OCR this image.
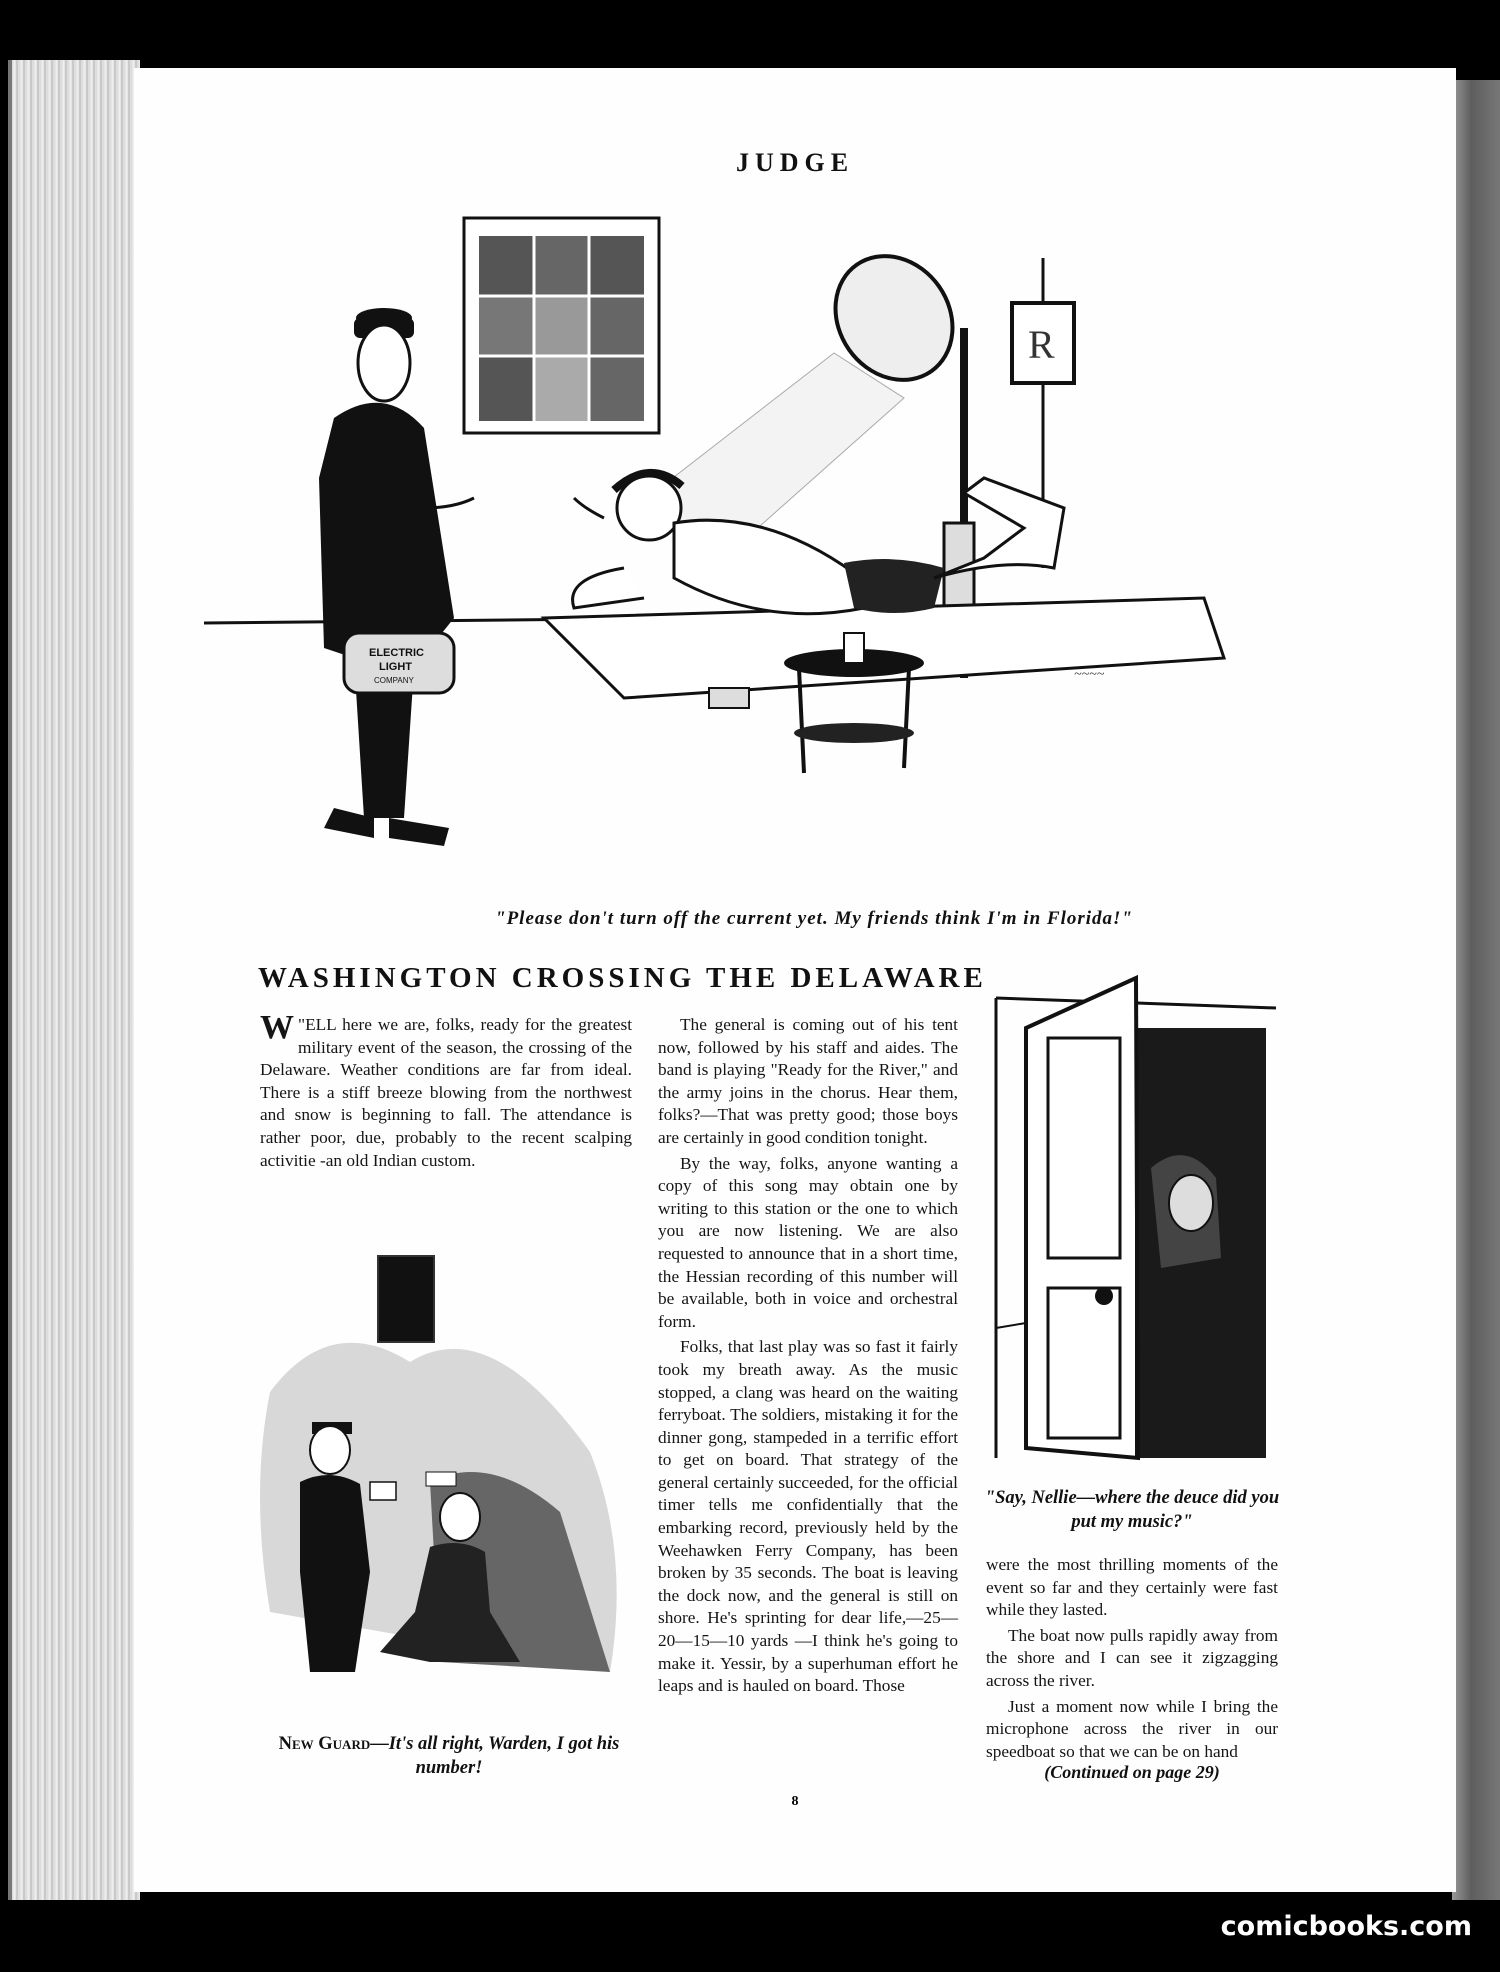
JUDGE
R
ELECTRIC
LIGHT
COMPANY	~~~~
"Please don't turn off the current yet. My friends think I'm in Florida!"
WASHINGTON CROSSING THE DELAWARE

"
W ELL here we are, folks, ready for the greatest military event of the season, the crossing of the Delaware. Weather conditions are far from ideal. There is a stiff breeze blowing from the northwest and snow is beginning to fall. The attendance is rather poor, due, probably to the recent scalping activitie -an old Indian custom.

New Guard—It's all right, Warden, I got his number!

The general is coming out of his tent now, followed by his staff and aides. The band is playing "Ready for the River," and the army joins in the chorus. Hear them, folks?—That was pretty good; those boys are certainly in good condition tonight.

By the way, folks, anyone wanting a copy of this song may obtain one by writing to this station or the one to which you are now listening. We are also requested to announce that in a short time, the Hessian recording of this number will be available, both in voice and orchestral form.

Folks, that last play was so fast it fairly took my breath away. As the music stopped, a clang was heard on the waiting ferryboat. The soldiers, mistaking it for the dinner gong, stampeded in a terrific effort to get on board. That strategy of the general certainly succeeded, for the official timer tells me confidentially that the embarking record, previously held by the Weehawken Ferry Company, has been broken by 35 seconds. The boat is leaving the dock now, and the general is still on shore. He's sprinting for dear life,—25—20—15—10 yards —I think he's going to make it. Yessir, by a superhuman effort he leaps and is hauled on board. Those

"Say, Nellie—where the deuce did you put my music?"

were the most thrilling moments of the event so far and they certainly were fast while they lasted.

The boat now pulls rapidly away from the shore and I can see it zigzagging across the river.

Just a moment now while I bring the microphone across the river in our speedboat so that we can be on hand

(Continued on page 29)
8
comicbooks.com
